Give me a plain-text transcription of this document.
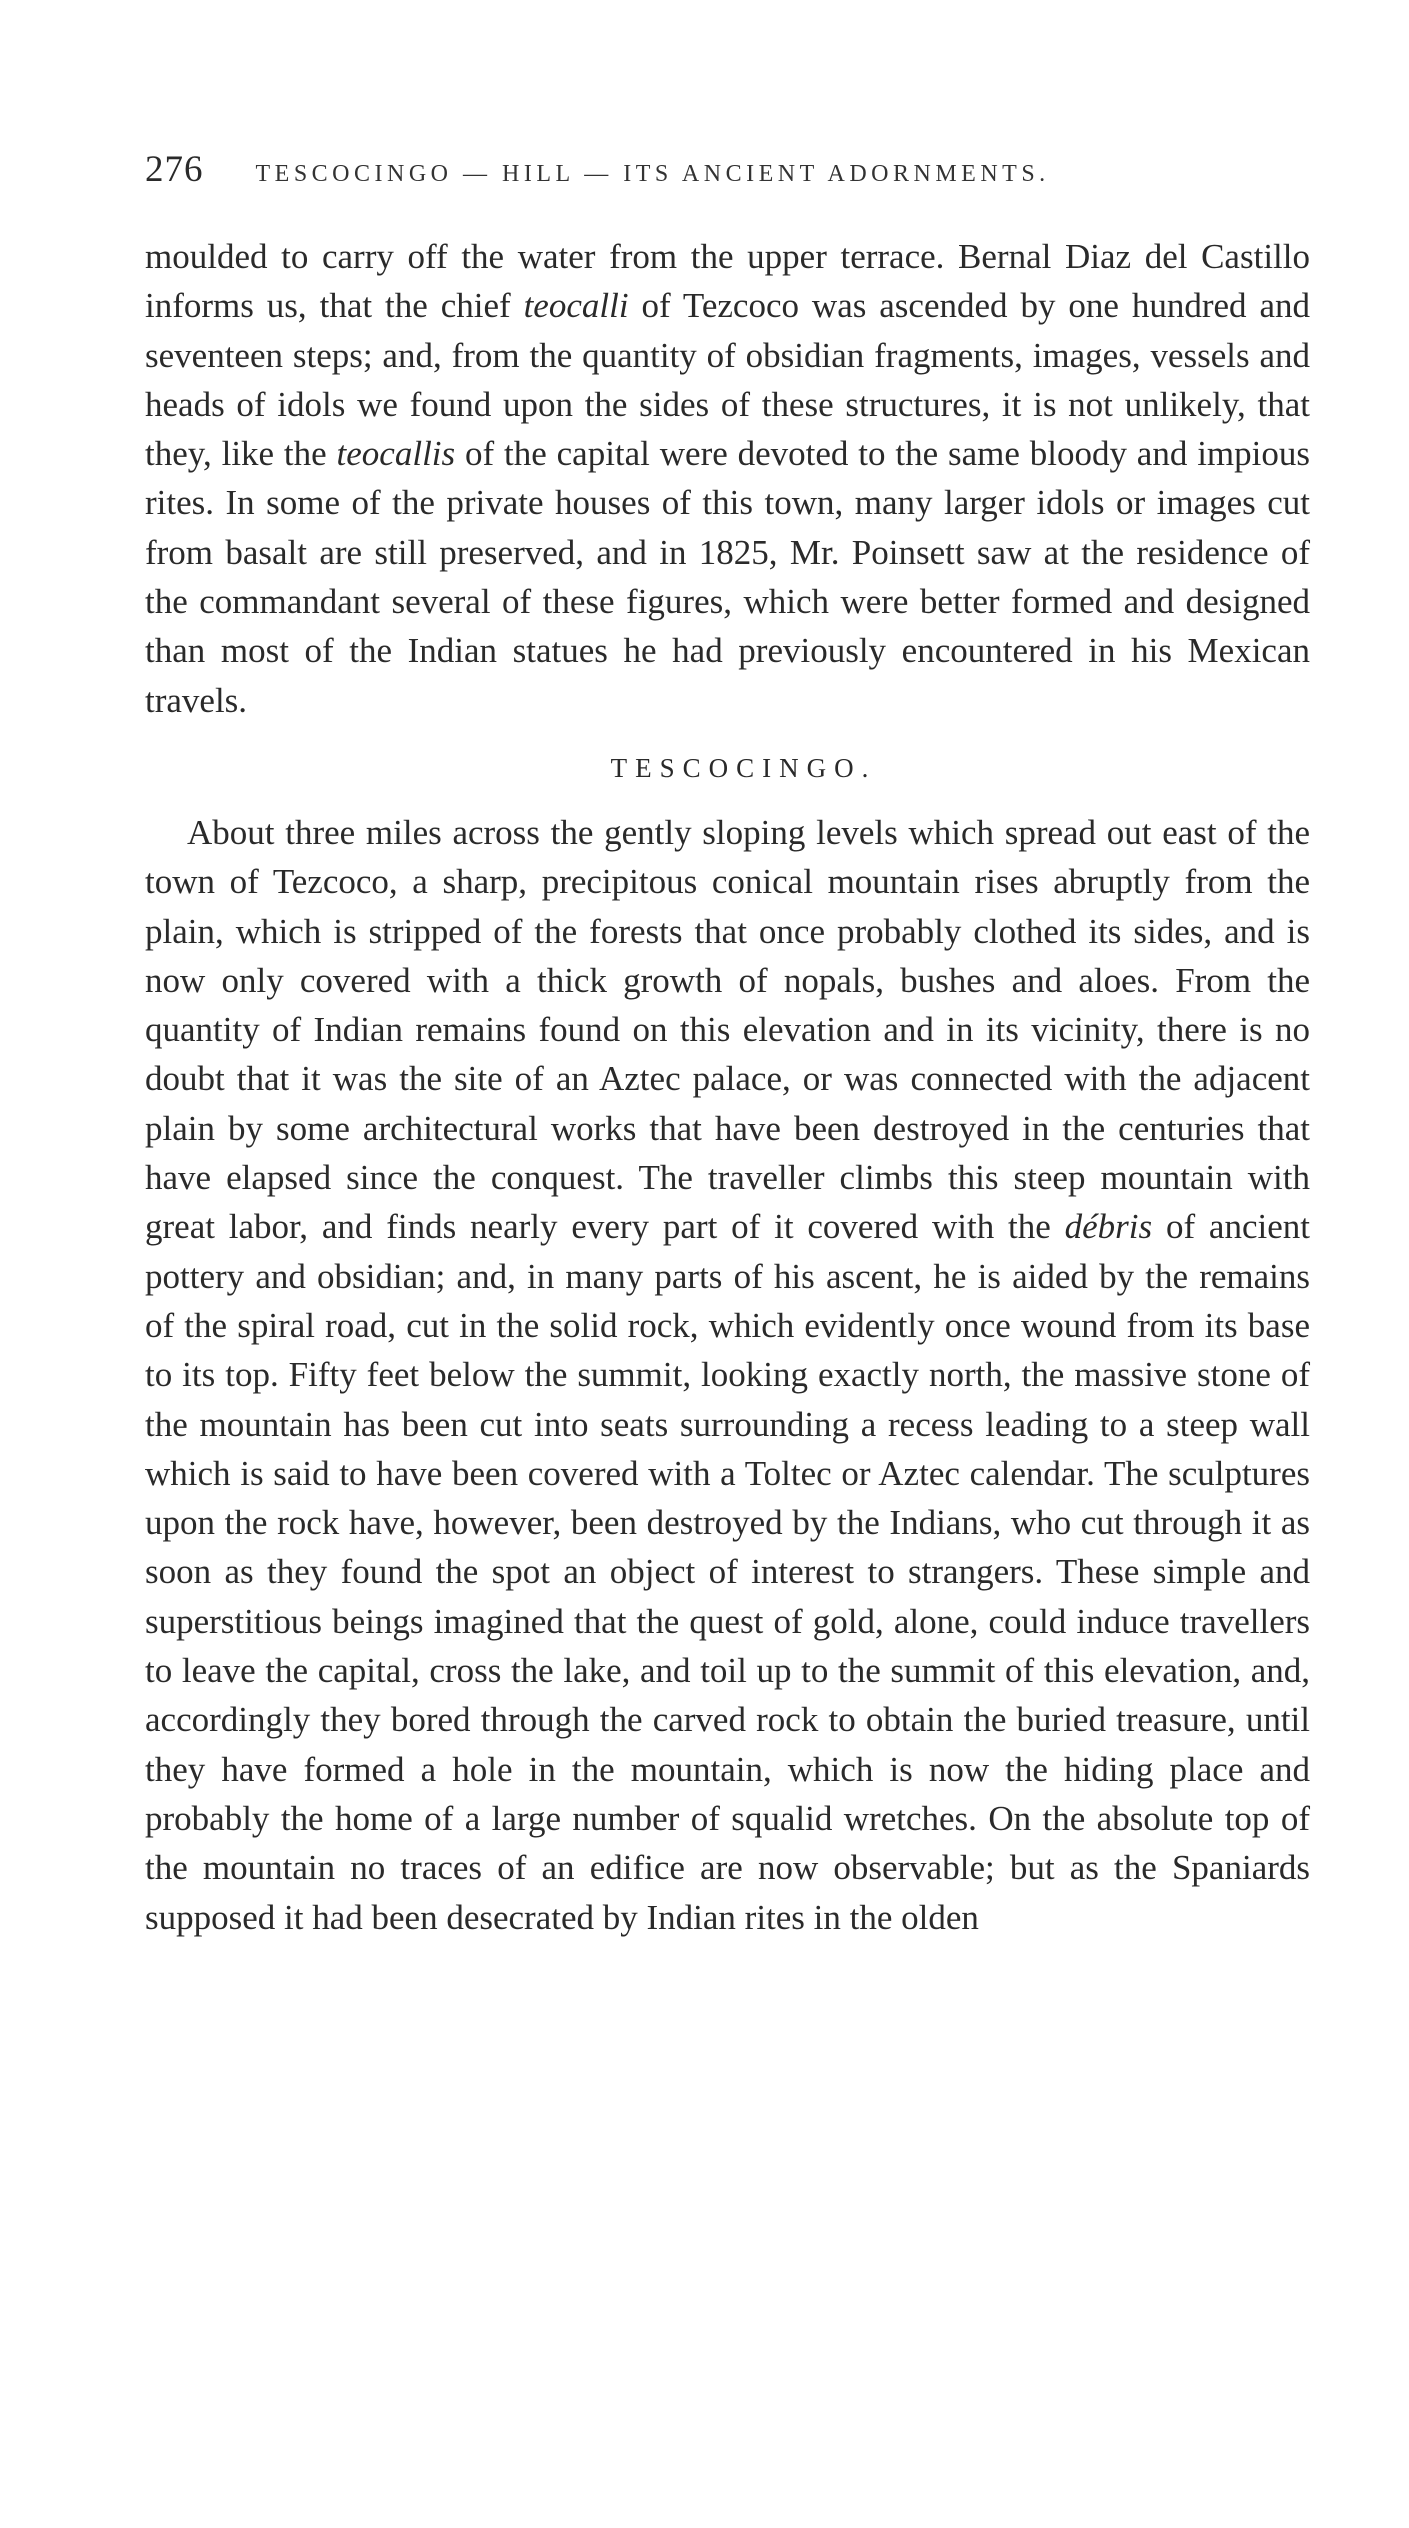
276 TESCOCINGO — HILL — ITS ANCIENT ADORNMENTS.

moulded to carry off the water from the upper terrace. Bernal Diaz del Castillo informs us, that the chief teocalli of Tezcoco was ascended by one hundred and seventeen steps; and, from the quantity of obsidian fragments, images, vessels and heads of idols we found upon the sides of these structures, it is not unlikely, that they, like the teocallis of the capital were devoted to the same bloody and impious rites. In some of the private houses of this town, many larger idols or images cut from basalt are still preserved, and in 1825, Mr. Poinsett saw at the residence of the commandant several of these figures, which were better formed and designed than most of the Indian statues he had previously encountered in his Mexican travels.

TESCOCINGO.

About three miles across the gently sloping levels which spread out east of the town of Tezcoco, a sharp, precipitous conical mountain rises abruptly from the plain, which is stripped of the forests that once probably clothed its sides, and is now only covered with a thick growth of nopals, bushes and aloes. From the quantity of Indian remains found on this elevation and in its vicinity, there is no doubt that it was the site of an Aztec palace, or was connected with the adjacent plain by some architectural works that have been destroyed in the centuries that have elapsed since the conquest. The traveller climbs this steep mountain with great labor, and finds nearly every part of it covered with the débris of ancient pottery and obsidian; and, in many parts of his ascent, he is aided by the remains of the spiral road, cut in the solid rock, which evidently once wound from its base to its top. Fifty feet below the summit, looking exactly north, the massive stone of the mountain has been cut into seats surrounding a recess leading to a steep wall which is said to have been covered with a Toltec or Aztec calendar. The sculptures upon the rock have, however, been destroyed by the Indians, who cut through it as soon as they found the spot an object of interest to strangers. These simple and superstitious beings imagined that the quest of gold, alone, could induce travellers to leave the capital, cross the lake, and toil up to the summit of this elevation, and, accordingly they bored through the carved rock to obtain the buried treasure, until they have formed a hole in the mountain, which is now the hiding place and probably the home of a large number of squalid wretches. On the absolute top of the mountain no traces of an edifice are now observable; but as the Spaniards supposed it had been desecrated by Indian rites in the olden
